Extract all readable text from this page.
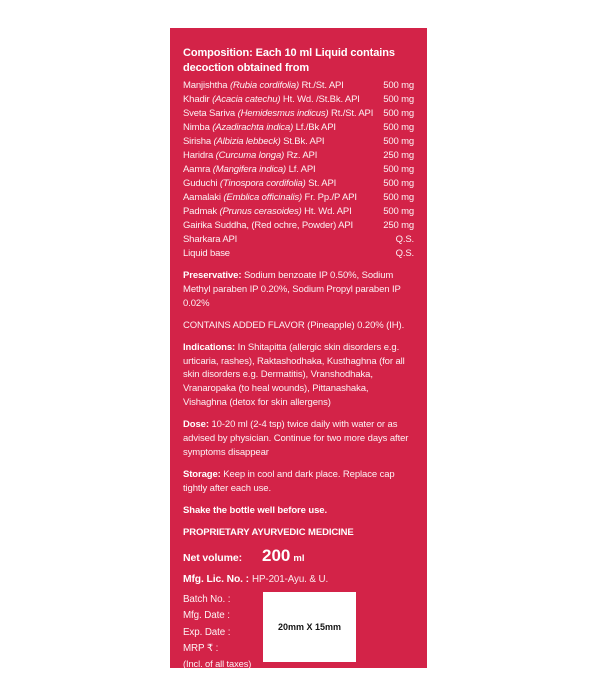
Composition: Each 10 ml Liquid contains decoction obtained from

Manjishtha (Rubia cordifolia) Rt./St. API	500 mg
Khadir (Acacia catechu) Ht. Wd. /St.Bk. API 500 mg
Sveta Sariva (Hemidesmus indicus) Rt./St. API 500 mg
Nimba (Azadirachta indica) Lf./Bk API	500 mg
Sirisha (Albizia lebbeck) St.Bk. API	500 mg
Haridra (Curcuma longa) Rz. API	250 mg
Aamra (Mangifera indica) Lf. API	500 mg
Guduchi (Tinospora cordifolia) St. API	500 mg
Aamalaki (Emblica officinalis) Fr. Pp./P API	500 mg
Padmak (Prunus cerasoides) Ht. Wd. API	500 mg
Gairika Suddha, (Red ochre, Powder) API	250 mg
Sharkara API	Q.S.
Liquid base	Q.S.

Preservative: Sodium benzoate IP 0.50%, Sodium Methyl paraben IP 0.20%, Sodium Propyl paraben IP 0.02%

CONTAINS ADDED FLAVOR (Pineapple) 0.20% (IH).

Indications: In Shitapitta (allergic skin disorders e.g. urticaria, rashes), Raktashodhaka, Kusthaghna (for all skin disorders e.g. Dermatitis), Vranshodhaka, Vranaropaka (to heal wounds), Pittanashaka, Vishaghna (detox for skin allergens)

Dose: 10-20 ml (2-4 tsp) twice daily with water or as advised by physician. Continue for two more days after symptoms disappear

Storage: Keep in cool and dark place. Replace cap tightly after each use.

Shake the bottle well before use.

PROPRIETARY AYURVEDIC MEDICINE

Net volume: 200 ml
Mfg. Lic. No. : HP-201-Ayu. & U.
Batch No. :
Mfg. Date :
Exp. Date :
MRP ₹ :
(Incl. of all taxes)
20mm X 15mm
